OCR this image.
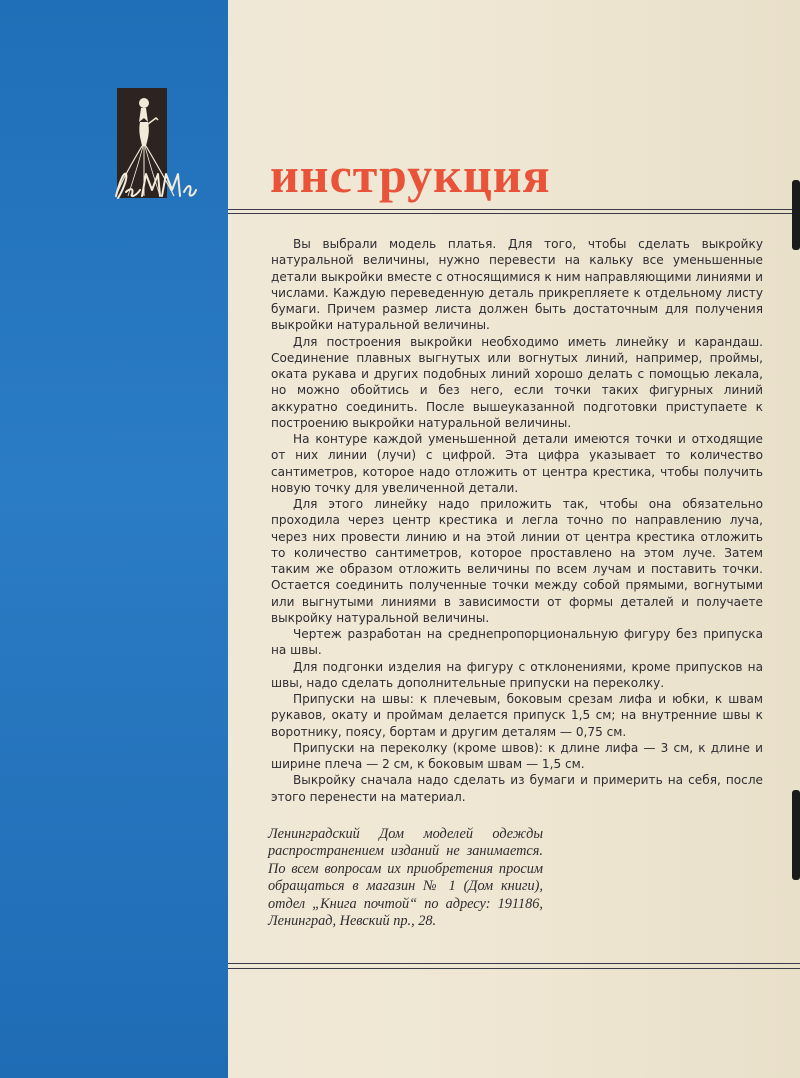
инструкция

Вы выбрали модель платья. Для того, чтобы сделать выкройку натуральной величины, нужно перевести на кальку все уменьшенные детали выкройки вместе с относящимися к ним направляющими линиями и числами. Каждую переведенную деталь прикрепляете к отдельному листу бумаги. Причем размер листа должен быть достаточным для получения выкройки натуральной величины.

Для построения выкройки необходимо иметь линейку и карандаш. Соединение плавных выгнутых или вогнутых линий, например, проймы, оката рукава и других подобных линий хорошо делать с помощью лекала, но можно обойтись и без него, если точки таких фигурных линий аккуратно соединить. После вышеуказанной подготовки приступаете к построению выкройки натуральной величины.

На контуре каждой уменьшенной детали имеются точки и отходящие от них линии (лучи) с цифрой. Эта цифра указывает то количество сантиметров, которое надо отложить от центра крестика, чтобы получить новую точку для увеличенной детали.

Для этого линейку надо приложить так, чтобы она обязательно проходила через центр крестика и легла точно по направлению луча, через них провести линию и на этой линии от центра крестика отложить то количество сантиметров, которое проставлено на этом луче. Затем таким же образом отложить величины по всем лучам и поставить точки. Остается соединить полученные точки между собой прямыми, вогнутыми или выгнутыми линиями в зависимости от формы деталей и получаете выкройку натуральной величины.

Чертеж разработан на среднепропорциональную фигуру без припуска на швы.

Для подгонки изделия на фигуру с отклонениями, кроме припусков на швы, надо сделать дополнительные припуски на переколку.

Припуски на швы: к плечевым, боковым срезам лифа и юбки, к швам рукавов, окату и проймам делается припуск 1,5 см; на внутренние швы к воротнику, поясу, бортам и другим деталям — 0,75 см.

Припуски на переколку (кроме швов): к длине лифа — 3 см, к длине и ширине плеча — 2 см, к боковым швам — 1,5 см.

Выкройку сначала надо сделать из бумаги и примерить на себя, после этого перенести на материал.

Ленинградский Дом моделей одежды распространением изданий не занимается. По всем вопросам их приобретения просим обращаться в магазин № 1 (Дом книги), отдел „Книга почтой“ по адресу: 191186, Ленинград, Невский пр., 28.
